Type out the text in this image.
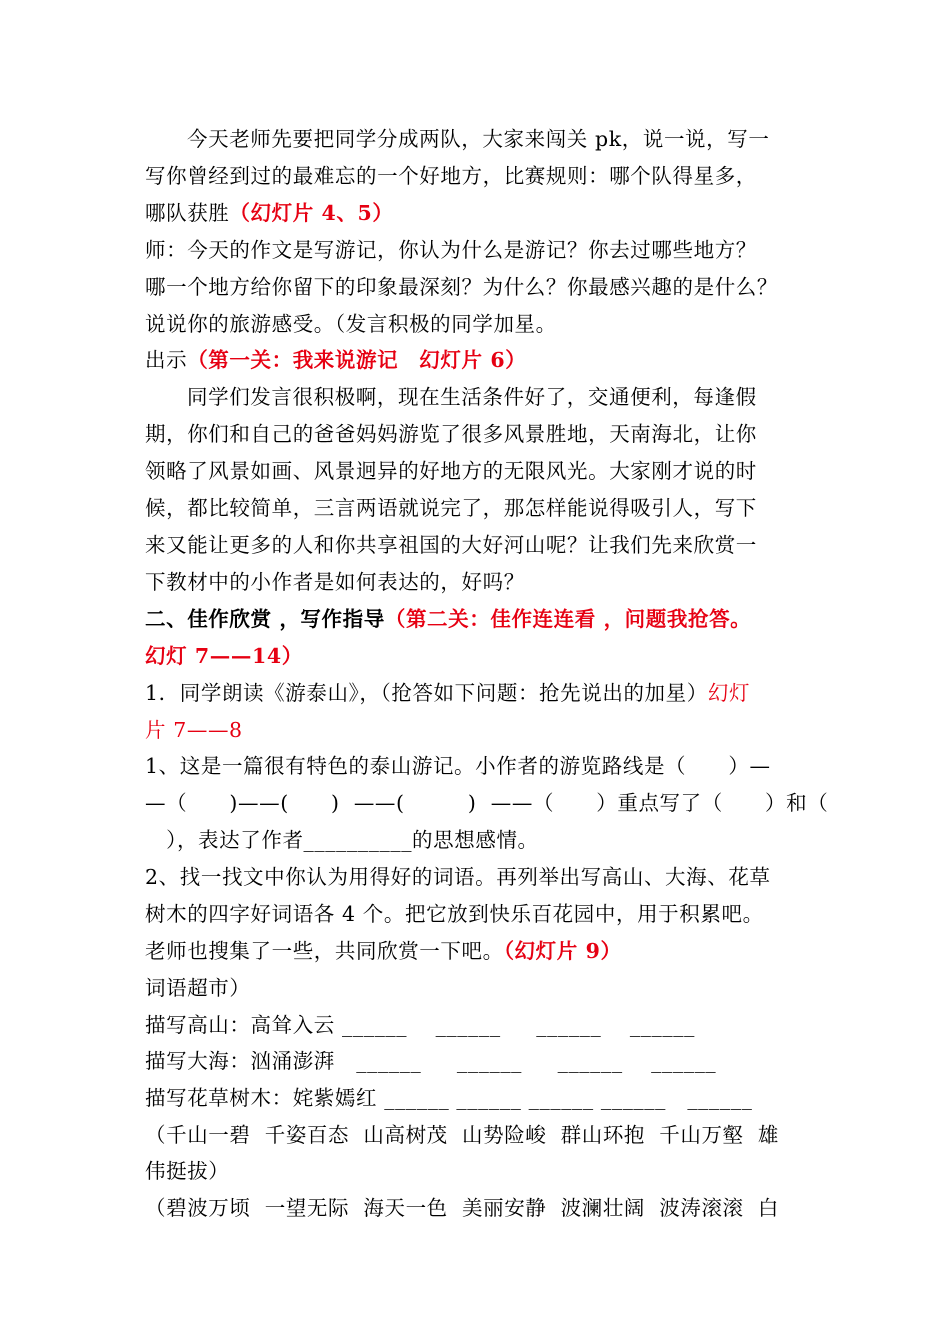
今天老师先要把同学分成两队，大家来闯关 pk，说一说，写一
写你曾经到过的最难忘的一个好地方，比赛规则：哪个队得星多，
哪队获胜（幻灯片 4、5）
师：今天的作文是写游记，你认为什么是游记？你去过哪些地方？
哪一个地方给你留下的印象最深刻？为什么？你最感兴趣的是什么？
说说你的旅游感受。（发言积极的同学加星。
出示（第一关：我来说游记　幻灯片 6）
同学们发言很积极啊，现在生活条件好了，交通便利，每逢假
期，你们和自己的爸爸妈妈游览了很多风景胜地，天南海北，让你
领略了风景如画、风景迥异的好地方的无限风光。大家刚才说的时
候，都比较简单，三言两语就说完了，那怎样能说得吸引人，写下
来又能让更多的人和你共享祖国的大好河山呢？让我们先来欣赏一
下教材中的小作者是如何表达的，好吗？
二、佳作欣赏 ，写作指导（第二关：佳作连连看 ，问题我抢答。
幻灯 7——14）
1．同学朗读《游泰山》，（抢答如下问题：抢先说出的加星）幻灯
片 7——8
1、这是一篇很有特色的泰山游记。小作者的游览路线是（　　）—
—（　　)——(　　)  ——(　　　)  ——（　　）重点写了（　　）和（
　），表达了作者__________的思想感情。
2、找一找文中你认为用得好的词语。再列举出写高山、大海、花草
树木的四字好词语各 4 个。把它放到快乐百花园中，用于积累吧。
老师也搜集了一些，共同欣赏一下吧。（幻灯片 9）
词语超市）
描写高山：高耸入云 ______    ______     ______    ______
描写大海：汹涌澎湃   ______     ______     ______    ______
描写花草树木：姹紫嫣红 ______ ______ ______ ______   ______
（千山一碧  千姿百态  山高树茂  山势险峻  群山环抱  千山万壑  雄
伟挺拔）
（碧波万顷  一望无际  海天一色  美丽安静  波澜壮阔  波涛滚滚  白
